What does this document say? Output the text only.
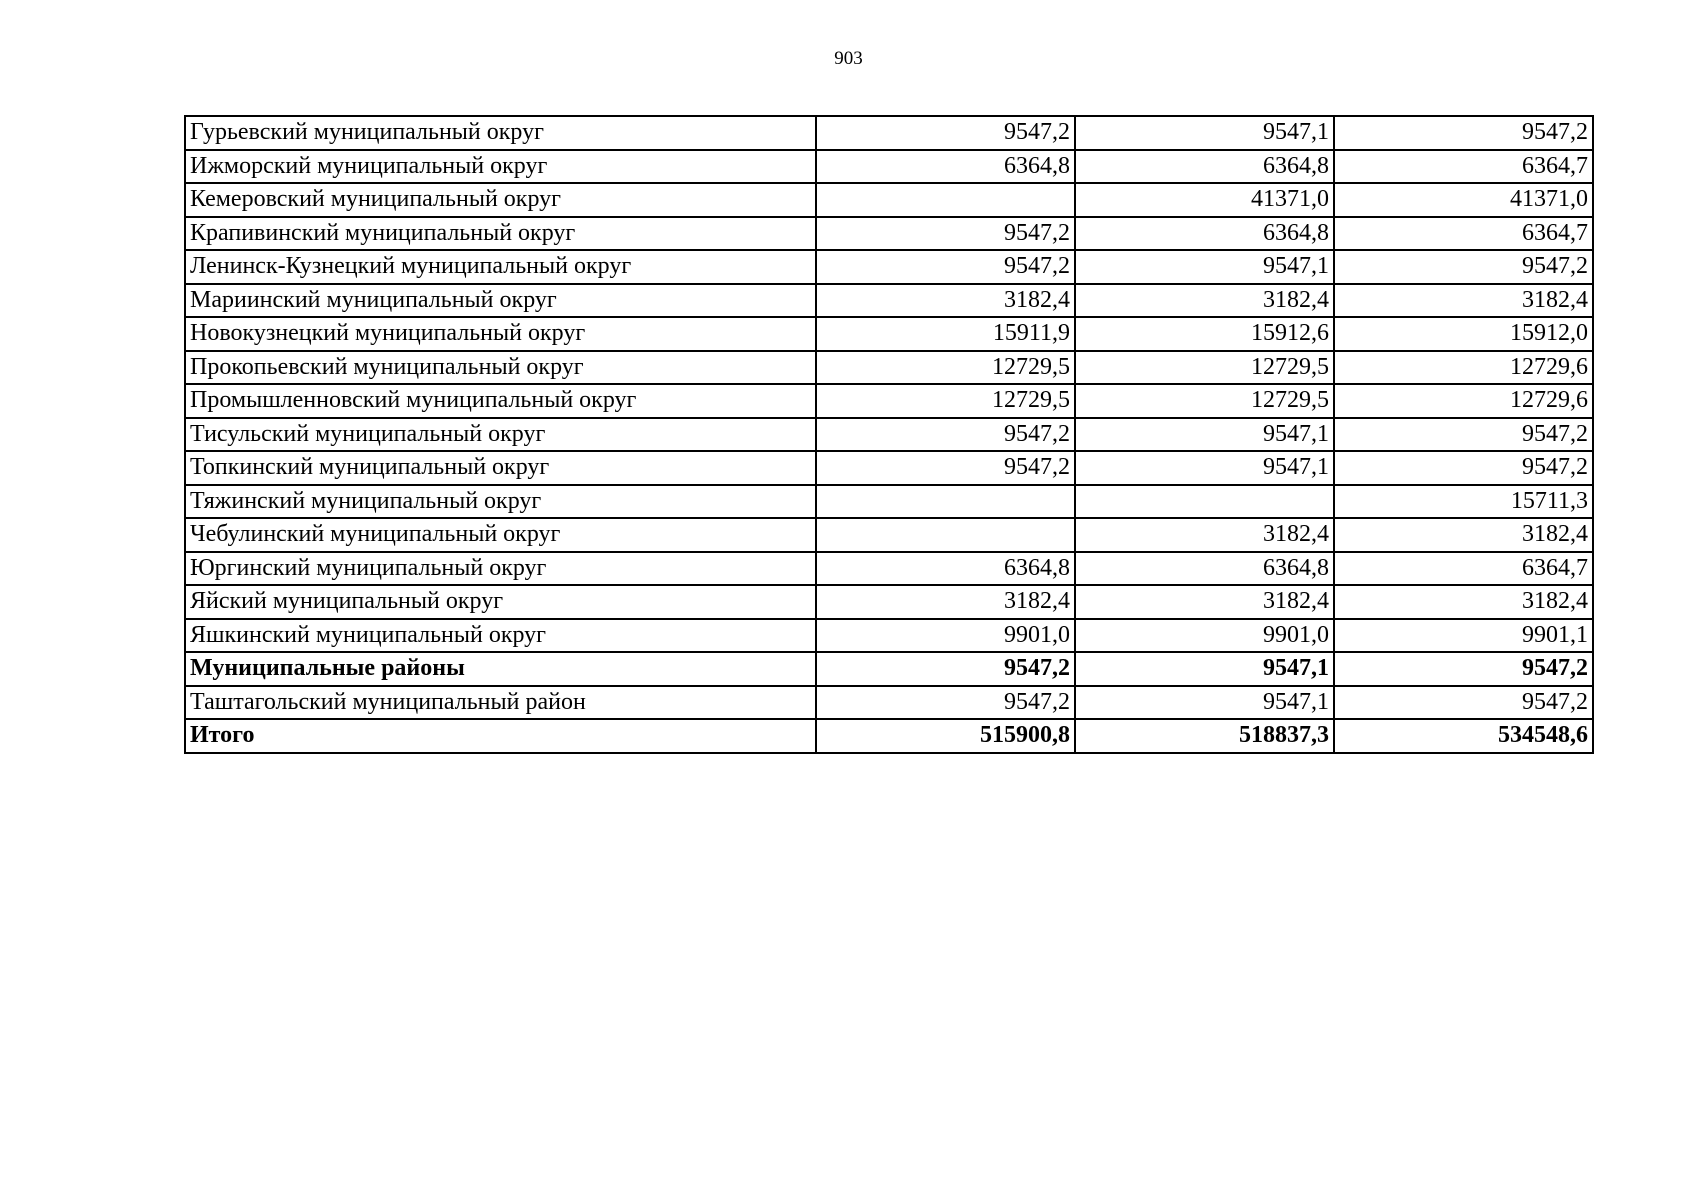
903
Гурьевский муниципальный округ	9547,2	9547,1	9547,2
Ижморский муниципальный округ	6364,8	6364,8	6364,7
Кемеровский муниципальный округ		41371,0	41371,0
Крапивинский муниципальный округ	9547,2	6364,8	6364,7
Ленинск-Кузнецкий муниципальный округ	9547,2	9547,1	9547,2
Мариинский муниципальный округ	3182,4	3182,4	3182,4
Новокузнецкий муниципальный округ	15911,9	15912,6	15912,0
Прокопьевский муниципальный округ	12729,5	12729,5	12729,6
Промышленновский муниципальный округ	12729,5	12729,5	12729,6
Тисульский муниципальный округ	9547,2	9547,1	9547,2
Топкинский муниципальный округ	9547,2	9547,1	9547,2
Тяжинский муниципальный округ			15711,3
Чебулинский муниципальный округ		3182,4	3182,4
Юргинский муниципальный округ	6364,8	6364,8	6364,7
Яйский муниципальный округ	3182,4	3182,4	3182,4
Яшкинский муниципальный округ	9901,0	9901,0	9901,1
Муниципальные районы	9547,2	9547,1	9547,2
Таштагольский муниципальный район	9547,2	9547,1	9547,2
Итого	515900,8	518837,3	534548,6
